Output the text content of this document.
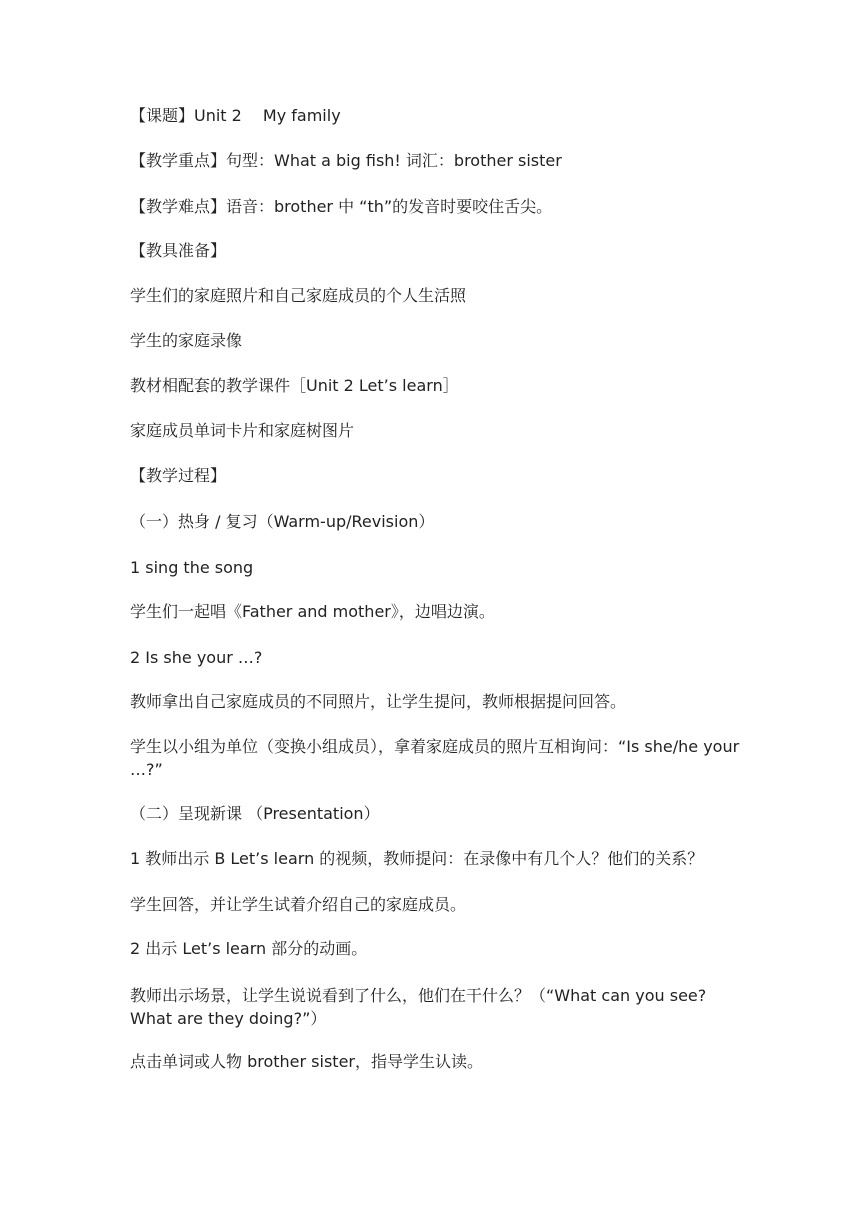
【课题】Unit 2　 My family
【教学重点】句型：What a big fish! 词汇：brother sister
【教学难点】语音：brother 中 “th”的发音时要咬住舌尖。
【教具准备】
学生们的家庭照片和自己家庭成员的个人生活照
学生的家庭录像
教材相配套的教学课件［Unit 2 Let’s learn］
家庭成员单词卡片和家庭树图片
【教学过程】
（一）热身 / 复习（Warm-up/Revision）
1 sing the song
学生们一起唱《Father and mother》，边唱边演。
2 Is she your …?
教师拿出自己家庭成员的不同照片，让学生提问，教师根据提问回答。
学生以小组为单位（变换小组成员），拿着家庭成员的照片互相询问：“Is she/he your …?”
（二）呈现新课 （Presentation）
1 教师出示 B Let’s learn 的视频，教师提问：在录像中有几个人？他们的关系？
学生回答，并让学生试着介绍自己的家庭成员。
2 出示 Let’s learn 部分的动画。
教师出示场景，让学生说说看到了什么，他们在干什么？（“What can you see? What are they doing?”）
点击单词或人物 brother sister，指导学生认读。
